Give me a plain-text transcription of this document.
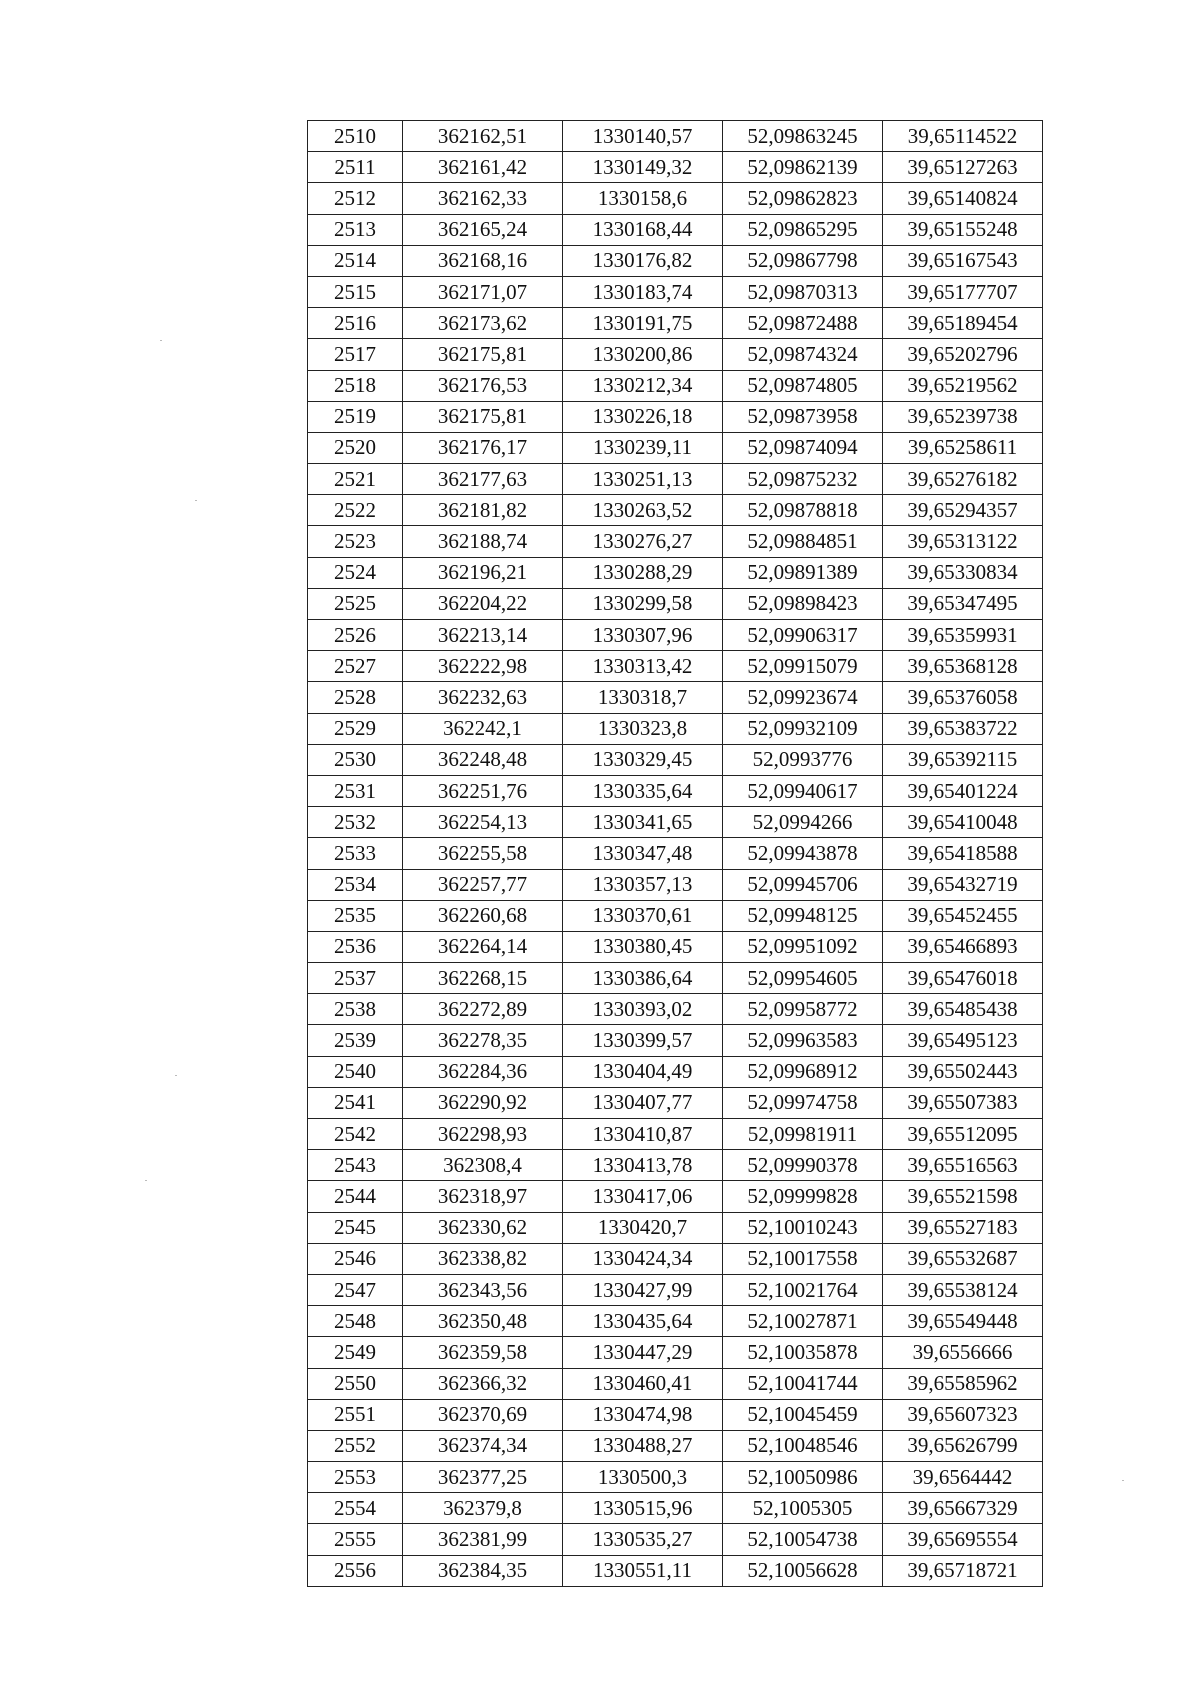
2510	362162,51	1330140,57	52,09863245	39,65114522
2511	362161,42	1330149,32	52,09862139	39,65127263
2512	362162,33	1330158,6	52,09862823	39,65140824
2513	362165,24	1330168,44	52,09865295	39,65155248
2514	362168,16	1330176,82	52,09867798	39,65167543
2515	362171,07	1330183,74	52,09870313	39,65177707
2516	362173,62	1330191,75	52,09872488	39,65189454
2517	362175,81	1330200,86	52,09874324	39,65202796
2518	362176,53	1330212,34	52,09874805	39,65219562
2519	362175,81	1330226,18	52,09873958	39,65239738
2520	362176,17	1330239,11	52,09874094	39,65258611
2521	362177,63	1330251,13	52,09875232	39,65276182
2522	362181,82	1330263,52	52,09878818	39,65294357
2523	362188,74	1330276,27	52,09884851	39,65313122
2524	362196,21	1330288,29	52,09891389	39,65330834
2525	362204,22	1330299,58	52,09898423	39,65347495
2526	362213,14	1330307,96	52,09906317	39,65359931
2527	362222,98	1330313,42	52,09915079	39,65368128
2528	362232,63	1330318,7	52,09923674	39,65376058
2529	362242,1	1330323,8	52,09932109	39,65383722
2530	362248,48	1330329,45	52,0993776	39,65392115
2531	362251,76	1330335,64	52,09940617	39,65401224
2532	362254,13	1330341,65	52,0994266	39,65410048
2533	362255,58	1330347,48	52,09943878	39,65418588
2534	362257,77	1330357,13	52,09945706	39,65432719
2535	362260,68	1330370,61	52,09948125	39,65452455
2536	362264,14	1330380,45	52,09951092	39,65466893
2537	362268,15	1330386,64	52,09954605	39,65476018
2538	362272,89	1330393,02	52,09958772	39,65485438
2539	362278,35	1330399,57	52,09963583	39,65495123
2540	362284,36	1330404,49	52,09968912	39,65502443
2541	362290,92	1330407,77	52,09974758	39,65507383
2542	362298,93	1330410,87	52,09981911	39,65512095
2543	362308,4	1330413,78	52,09990378	39,65516563
2544	362318,97	1330417,06	52,09999828	39,65521598
2545	362330,62	1330420,7	52,10010243	39,65527183
2546	362338,82	1330424,34	52,10017558	39,65532687
2547	362343,56	1330427,99	52,10021764	39,65538124
2548	362350,48	1330435,64	52,10027871	39,65549448
2549	362359,58	1330447,29	52,10035878	39,6556666
2550	362366,32	1330460,41	52,10041744	39,65585962
2551	362370,69	1330474,98	52,10045459	39,65607323
2552	362374,34	1330488,27	52,10048546	39,65626799
2553	362377,25	1330500,3	52,10050986	39,6564442
2554	362379,8	1330515,96	52,1005305	39,65667329
2555	362381,99	1330535,27	52,10054738	39,65695554
2556	362384,35	1330551,11	52,10056628	39,65718721
